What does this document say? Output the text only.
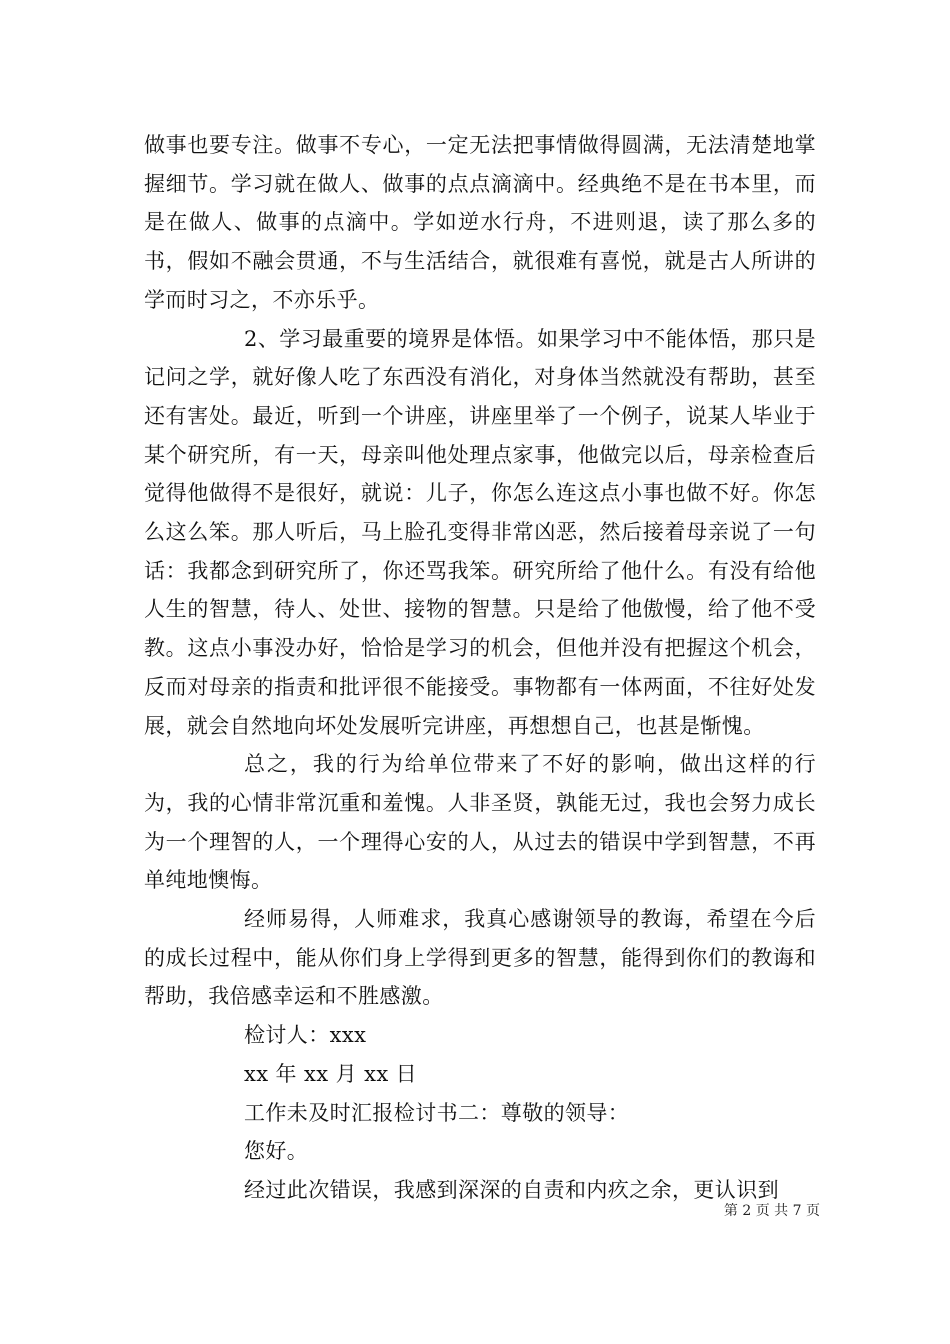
做事也要专注。做事不专心，一定无法把事情做得圆满，无法清楚地掌握细节。学习就在做人、做事的点点滴滴中。经典绝不是在书本里，而是在做人、做事的点滴中。学如逆水行舟，不进则退，读了那么多的书，假如不融会贯通，不与生活结合，就很难有喜悦，就是古人所讲的学而时习之，不亦乐乎。

2、学习最重要的境界是体悟。如果学习中不能体悟，那只是记问之学，就好像人吃了东西没有消化，对身体当然就没有帮助，甚至还有害处。最近，听到一个讲座，讲座里举了一个例子，说某人毕业于某个研究所，有一天，母亲叫他处理点家事，他做完以后，母亲检查后觉得他做得不是很好，就说：儿子，你怎么连这点小事也做不好。你怎么这么笨。那人听后，马上脸孔变得非常凶恶，然后接着母亲说了一句话：我都念到研究所了，你还骂我笨。研究所给了他什么。有没有给他人生的智慧，待人、处世、接物的智慧。只是给了他傲慢，给了他不受教。这点小事没办好，恰恰是学习的机会，但他并没有把握这个机会，反而对母亲的指责和批评很不能接受。事物都有一体两面，不往好处发展，就会自然地向坏处发展听完讲座，再想想自己，也甚是惭愧。

总之，我的行为给单位带来了不好的影响，做出这样的行为，我的心情非常沉重和羞愧。人非圣贤，孰能无过，我也会努力成长为一个理智的人，一个理得心安的人，从过去的错误中学到智慧，不再单纯地懊悔。

经师易得，人师难求，我真心感谢领导的教诲，希望在今后的成长过程中，能从你们身上学得到更多的智慧，能得到你们的教诲和帮助，我倍感幸运和不胜感激。

检讨人：xxx

xx 年 xx 月 xx 日

工作未及时汇报检讨书二：尊敬的领导：

您好。

经过此次错误，我感到深深的自责和内疚之余，更认识到

第 2 页 共 7 页
